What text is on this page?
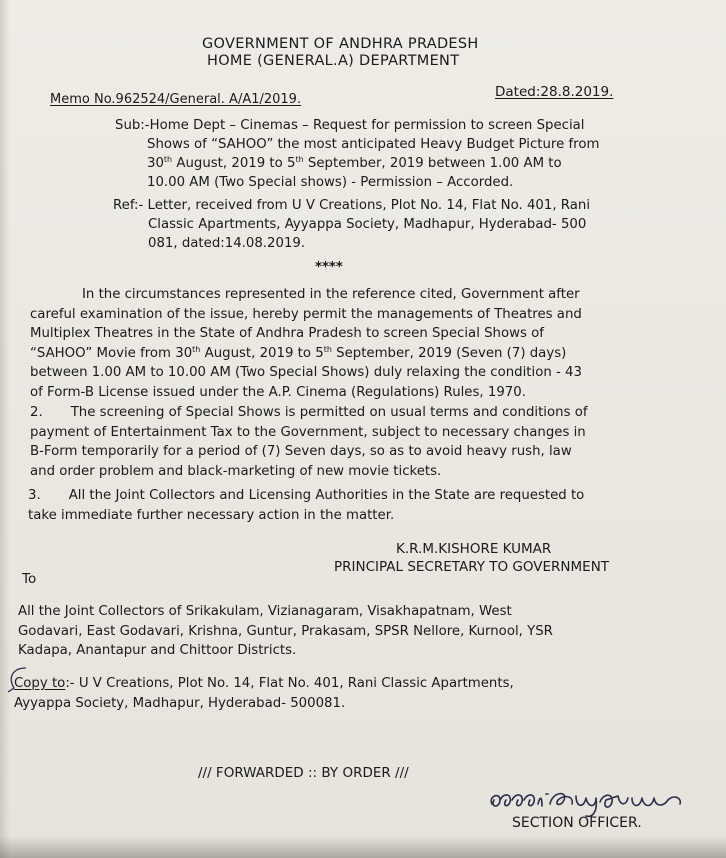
GOVERNMENT OF ANDHRA PRADESH
HOME (GENERAL.A) DEPARTMENT
Memo No.962524/General. A/A1/2019.	Dated:28.8.2019.
Sub:-Home Dept – Cinemas – Request for permission to screen Special
Shows of “SAHOO” the most anticipated Heavy Budget Picture from
30th August, 2019 to 5th September, 2019 between 1.00 AM to
10.00 AM (Two Special shows) - Permission – Accorded.
Ref:- Letter, received from U V Creations, Plot No. 14, Flat No. 401, Rani
Classic Apartments, Ayyappa Society, Madhapur, Hyderabad- 500
081, dated:14.08.2019.
****
In the circumstances represented in the reference cited, Government after
careful examination of the issue, hereby permit the managements of Theatres and
Multiplex Theatres in the State of Andhra Pradesh to screen Special Shows of
“SAHOO” Movie from 30th August, 2019 to 5th September, 2019 (Seven (7) days)
between 1.00 AM to 10.00 AM (Two Special Shows) duly relaxing the condition - 43
of Form-B License issued under the A.P. Cinema (Regulations) Rules, 1970.
2. The screening of Special Shows is permitted on usual terms and conditions of
payment of Entertainment Tax to the Government, subject to necessary changes in
B-Form temporarily for a period of (7) Seven days, so as to avoid heavy rush, law
and order problem and black-marketing of new movie tickets.
3. All the Joint Collectors and Licensing Authorities in the State are requested to
take immediate further necessary action in the matter.
K.R.M.KISHORE KUMAR
PRINCIPAL SECRETARY TO GOVERNMENT
To
All the Joint Collectors of Srikakulam, Vizianagaram, Visakhapatnam, West
Godavari, East Godavari, Krishna, Guntur, Prakasam, SPSR Nellore, Kurnool, YSR
Kadapa, Anantapur and Chittoor Districts.
Copy to:- U V Creations, Plot No. 14, Flat No. 401, Rani Classic Apartments,
Ayyappa Society, Madhapur, Hyderabad- 500081.
/// FORWARDED :: BY ORDER ///
SECTION OFFICER.
